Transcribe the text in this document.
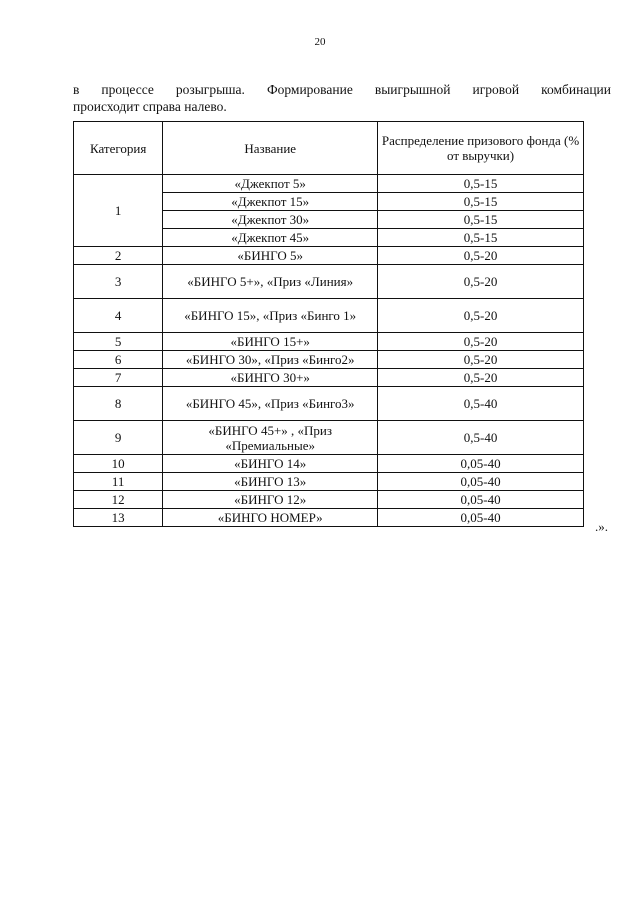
20
в процессе розыгрыша. Формирование выигрышной игровой комбинации
происходит справа налево.
Категория	Название	Распределение призового фонда (% от выручки)
1	«Джекпот 5»	0,5-15
	«Джекпот 15»	0,5-15
	«Джекпот 30»	0,5-15
	«Джекпот 45»	0,5-15
2	«БИНГО 5»	0,5-20
3	«БИНГО 5+», «Приз «Линия»	0,5-20
4	«БИНГО 15», «Приз «Бинго 1»	0,5-20
5	«БИНГО 15+»	0,5-20
6	«БИНГО 30», «Приз «Бинго2»	0,5-20
7	«БИНГО 30+»	0,5-20
8	«БИНГО 45», «Приз «Бинго3»	0,5-40
9	«БИНГО 45+» , «Приз «Премиальные»	0,5-40
10	«БИНГО 14»	0,05-40
11	«БИНГО 13»	0,05-40
12	«БИНГО 12»	0,05-40
13	«БИНГО НОМЕР»	0,05-40
.».
